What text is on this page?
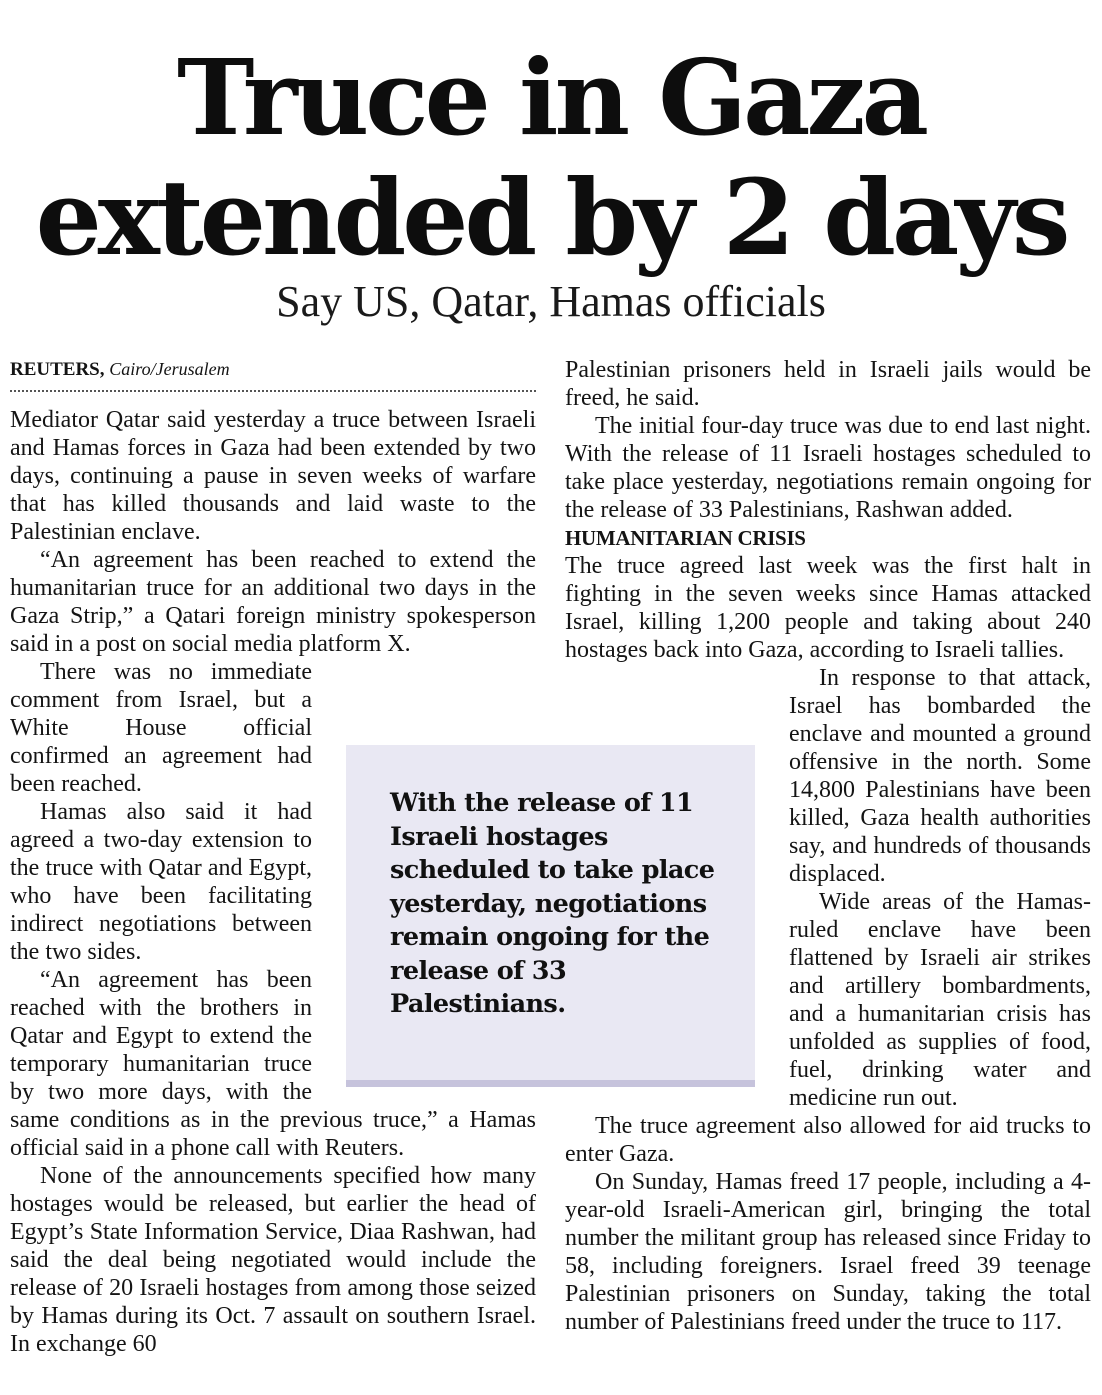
Truce in Gaza
extended by 2 days
Say US, Qatar, Hamas officials
REUTERS, Cairo/Jerusalem

Mediator Qatar said yesterday a truce between Israeli and Hamas forces in Gaza had been extended by two days, continuing a pause in seven weeks of warfare that has killed thousands and laid waste to the Palestinian enclave.

“An agreement has been reached to extend the humanitarian truce for an additional two days in the Gaza Strip,” a Qatari foreign ministry spokesperson said in a post on social media platform X.

There was no immediate comment from Israel, but a White House official confirmed an agreement had been reached.

Hamas also said it had agreed a two-day extension to the truce with Qatar and Egypt, who have been facilitating indirect negotiations between the two sides.

“An agreement has been reached with the brothers in Qatar and Egypt to extend the temporary humanitarian truce by two more days, with the same conditions as in the previous truce,” a Hamas official said in a phone call with Reuters.

None of the announcements specified how many hostages would be released, but earlier the head of Egypt’s State Information Service, Diaa Rashwan, had said the deal being negotiated would include the release of 20 Israeli hostages from among those seized by Hamas during its Oct. 7 assault on southern Israel. In exchange 60

Palestinian prisoners held in Israeli jails would be freed, he said.

The initial four-day truce was due to end last night. With the release of 11 Israeli hostages scheduled to take place yesterday, negotiations remain ongoing for the release of 33 Palestinians, Rashwan added.

HUMANITARIAN CRISIS

The truce agreed last week was the first halt in fighting in the seven weeks since Hamas attacked Israel, killing 1,200 people and taking about 240 hostages back into Gaza, according to Israeli tallies.

In response to that attack, Israel has bombarded the enclave and mounted a ground offensive in the north. Some 14,800 Palestinians have been killed, Gaza health authorities say, and hundreds of thousands displaced.

Wide areas of the Hamas-ruled enclave have been flattened by Israeli air strikes and artillery bombardments, and a humanitarian crisis has unfolded as supplies of food, fuel, drinking water and medicine run out.

The truce agreement also allowed for aid trucks to enter Gaza.

On Sunday, Hamas freed 17 people, including a 4-year-old Israeli-American girl, bringing the total number the militant group has released since Friday to 58, including foreigners. Israel freed 39 teenage Palestinian prisoners on Sunday, taking the total number of Palestinians freed under the truce to 117.

With the release of 11 Israeli hostages scheduled to take place yesterday, negotiations remain ongoing for the release of 33 Palestinians.
